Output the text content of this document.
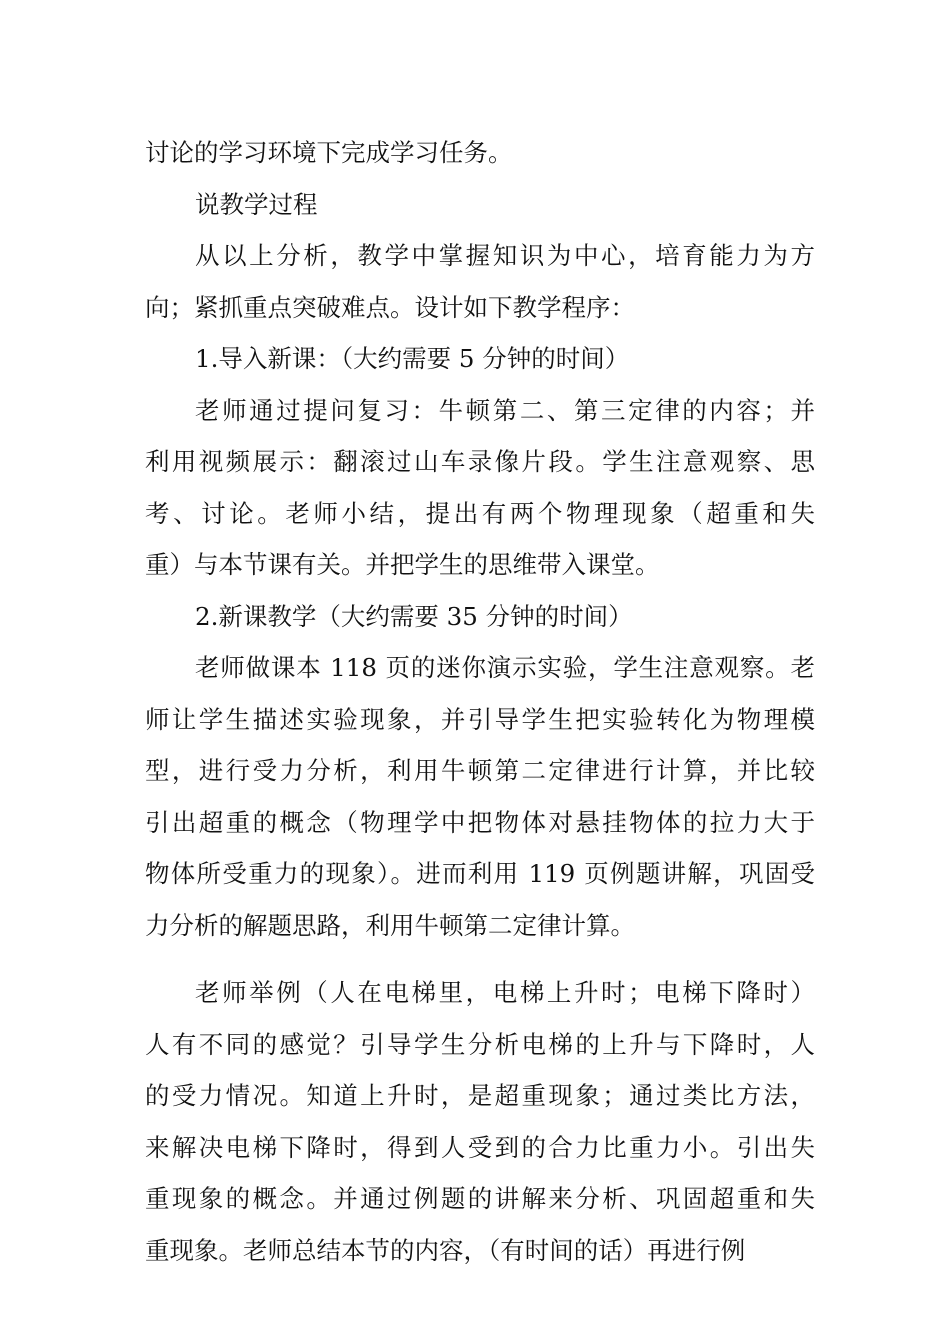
讨论的学习环境下完成学习任务。
说教学过程
从以上分析，教学中掌握知识为中心，培育能力为方
向；紧抓重点突破难点。设计如下教学程序：
1.导入新课：（大约需要 5 分钟的时间）
老师通过提问复习：牛顿第二、第三定律的内容；并
利用视频展示：翻滚过山车录像片段。学生注意观察、思
考、讨论。老师小结，提出有两个物理现象（超重和失
重）与本节课有关。并把学生的思维带入课堂。
2.新课教学（大约需要 35 分钟的时间）
老师做课本 118 页的迷你演示实验，学生注意观察。老
师让学生描述实验现象，并引导学生把实验转化为物理模
型，进行受力分析，利用牛顿第二定律进行计算，并比较
引出超重的概念（物理学中把物体对悬挂物体的拉力大于
物体所受重力的现象）。进而利用 119 页例题讲解，巩固受
力分析的解题思路，利用牛顿第二定律计算。
老师举例（人在电梯里，电梯上升时；电梯下降时）
人有不同的感觉？引导学生分析电梯的上升与下降时，人
的受力情况。知道上升时，是超重现象；通过类比方法，
来解决电梯下降时，得到人受到的合力比重力小。引出失
重现象的概念。并通过例题的讲解来分析、巩固超重和失
重现象。老师总结本节的内容，（有时间的话）再进行例
